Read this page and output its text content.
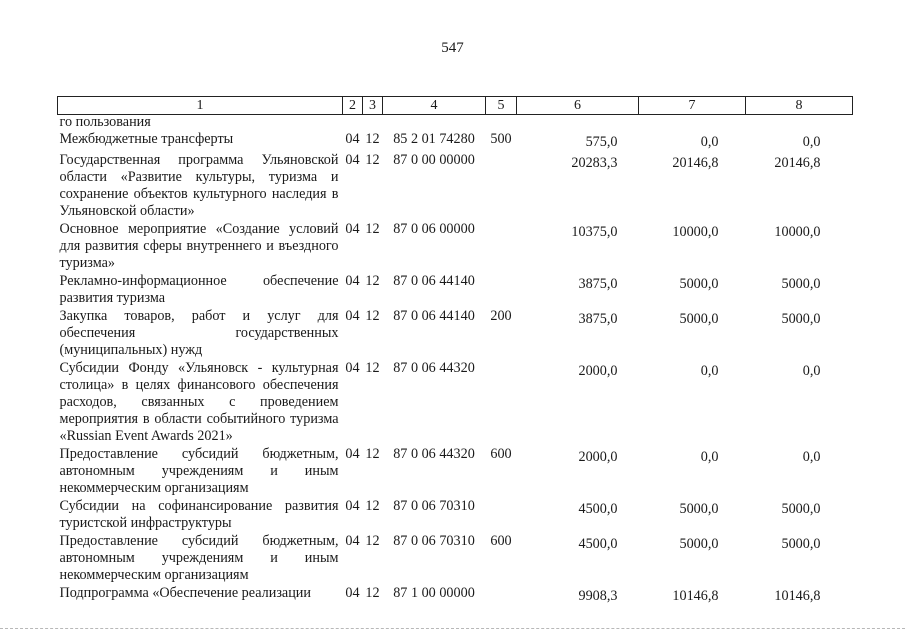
547
1	2	3	4	5	6	7	8
го пользования							
Межбюджетные трансферты	04	12	85 2 01 74280	500	575,0	0,0	0,0
Государственная программа Ульяновской области «Развитие культуры, туризма и сохранение объектов культурного наследия в Ульяновской области»	04	12	87 0 00 00000		20283,3	20146,8	20146,8
Основное мероприятие «Создание условий для развития сферы внутреннего и въездного туризма»	04	12	87 0 06 00000		10375,0	10000,0	10000,0
Рекламно-информационное обеспечение развития туризма	04	12	87 0 06 44140		3875,0	5000,0	5000,0
Закупка товаров, работ и услуг для обеспечения государственных (муниципальных) нужд	04	12	87 0 06 44140	200	3875,0	5000,0	5000,0
Субсидии Фонду «Ульяновск - культурная столица» в целях финансового обеспечения расходов, связанных с проведением мероприятия в области событийного туризма «Russian Event Awards 2021»	04	12	87 0 06 44320		2000,0	0,0	0,0
Предоставление субсидий бюджетным, автономным учреждениям и иным некоммерческим организациям	04	12	87 0 06 44320	600	2000,0	0,0	0,0
Субсидии на софинансирование развития туристской инфраструктуры	04	12	87 0 06 70310		4500,0	5000,0	5000,0
Предоставление субсидий бюджетным, автономным учреждениям и иным некоммерческим организациям	04	12	87 0 06 70310	600	4500,0	5000,0	5000,0
Подпрограмма «Обеспечение реализации	04	12	87 1 00 00000		9908,3	10146,8	10146,8
